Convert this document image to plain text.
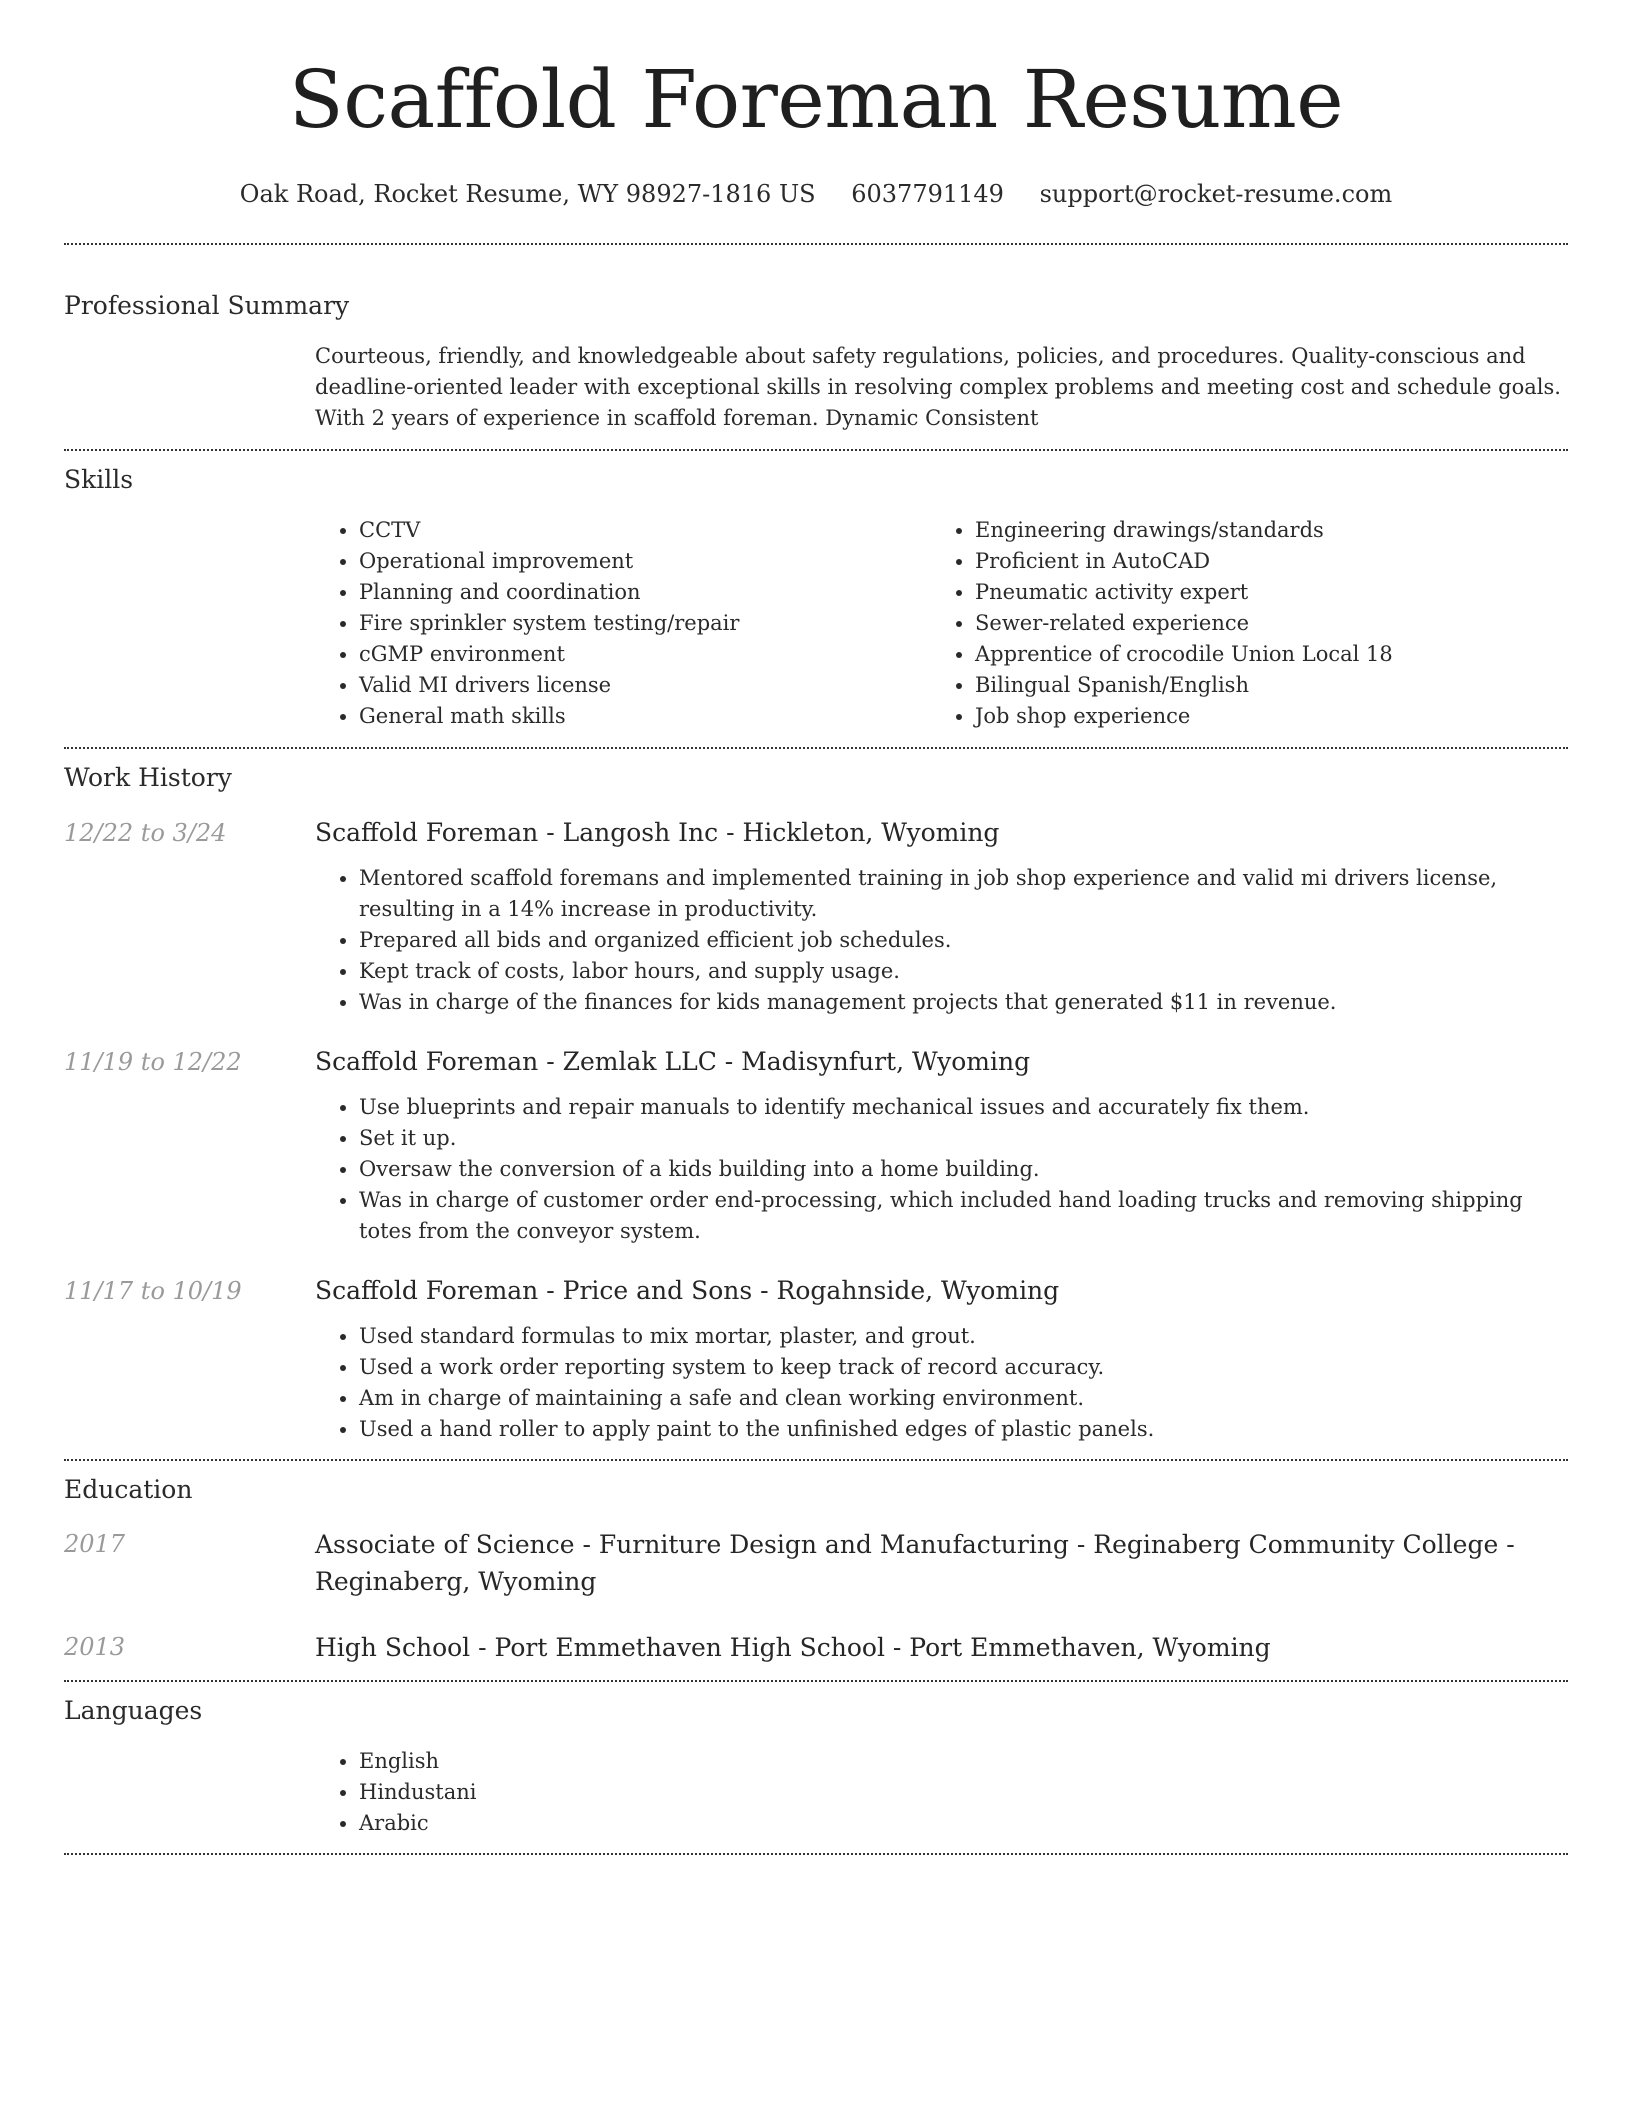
Scaffold Foreman Resume
Oak Road, Rocket Resume, WY 98927-1816 US 6037791149 support@rocket-resume.com
Professional Summary

Courteous, friendly, and knowledgeable about safety regulations, policies, and procedures. Quality-conscious and deadline-oriented leader with exceptional skills in resolving complex problems and meeting cost and schedule goals. With 2 years of experience in scaffold foreman. Dynamic Consistent

Skills
• CCTV
• Operational improvement
• Planning and coordination
• Fire sprinkler system testing/repair
• cGMP environment
• Valid MI drivers license
• General math skills
• Engineering drawings/standards
• Proficient in AutoCAD
• Pneumatic activity expert
• Sewer-related experience
• Apprentice of crocodile Union Local 18
• Bilingual Spanish/English
• Job shop experience
Work History
12/22 to 3/24	Scaffold Foreman - Langosh Inc - Hickleton, Wyoming
• Mentored scaffold foremans and implemented training in job shop experience and valid mi drivers license, resulting in a 14% increase in productivity.
• Prepared all bids and organized efficient job schedules.
• Kept track of costs, labor hours, and supply usage.
• Was in charge of the finances for kids management projects that generated $11 in revenue.
11/19 to 12/22	Scaffold Foreman - Zemlak LLC - Madisynfurt, Wyoming
• Use blueprints and repair manuals to identify mechanical issues and accurately fix them.
• Set it up.
• Oversaw the conversion of a kids building into a home building.
• Was in charge of customer order end-processing, which included hand loading trucks and removing shipping totes from the conveyor system.
11/17 to 10/19	Scaffold Foreman - Price and Sons - Rogahnside, Wyoming
• Used standard formulas to mix mortar, plaster, and grout.
• Used a work order reporting system to keep track of record accuracy.
• Am in charge of maintaining a safe and clean working environment.
• Used a hand roller to apply paint to the unfinished edges of plastic panels.
Education
2017	Associate of Science - Furniture Design and Manufacturing - Reginaberg Community College - Reginaberg, Wyoming
2013	High School - Port Emmethaven High School - Port Emmethaven, Wyoming
Languages
• English
• Hindustani
• Arabic
